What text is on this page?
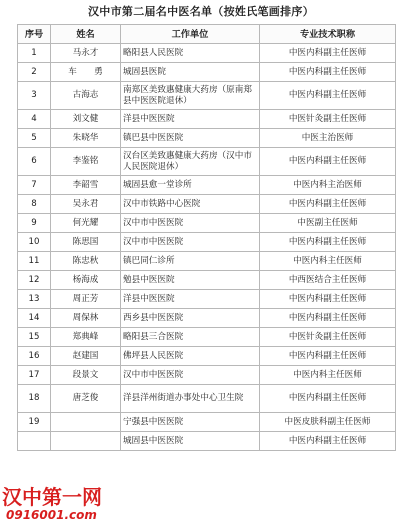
汉中市第二届名中医名单（按姓氏笔画排序）
序号	姓名	工作单位	专业技术职称
1	马永才	略阳县人民医院	中医内科副主任医师
2	车　　勇	城固县医院	中医内科副主任医师
3	古海志	南郑区美致惠健康大药房（原南郑县中医医院退休）	中医内科副主任医师
4	刘文健	洋县中医医院	中医针灸副主任医师
5	朱晓华	镇巴县中医医院	中医主治医师
6	李鉴铭	汉台区美致惠健康大药房（汉中市人民医院退休）	中医内科副主任医师
7	李韶雪	城固县愈一堂诊所	中医内科主治医师
8	吴永君	汉中市铁路中心医院	中医内科副主任医师
9	何光耀	汉中市中医医院	中医副主任医师
10	陈思国	汉中市中医医院	中医内科副主任医师
11	陈忠秋	镇巴同仁诊所	中医内科主任医师
12	杨海成	勉县中医医院	中西医结合主任医师
13	周正芳	洋县中医医院	中医内科副主任医师
14	周保林	西乡县中医医院	中医内科副主任医师
15	郑典峰	略阳县三合医院	中医针灸副主任医师
16	赵建国	佛坪县人民医院	中医内科副主任医师
17	段景文	汉中市中医医院	中医内科主任医师
18	唐芝俊	洋县洋州街道办事处中心卫生院	中医内科副主任医师
19		宁强县中医医院	中医皮肤科副主任医师
		城固县中医医院	中医内科副主任医师
汉中第一网
0916001.com
